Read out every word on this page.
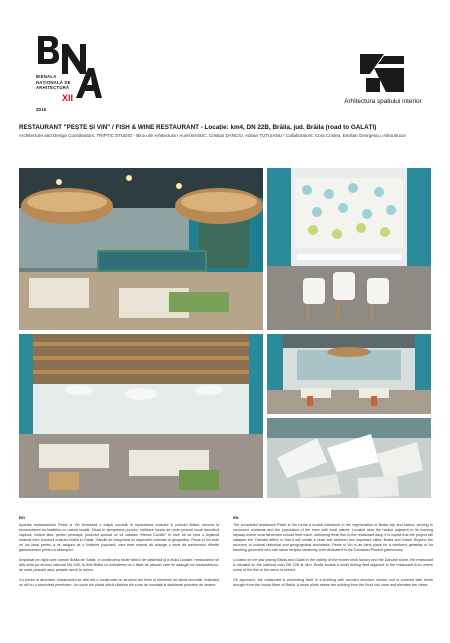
BIENALA NAȚIONALĂ DE ARHITECTURĂ
2016
XII	Arhitectura spatiului interior
RESTAURANT "PEȘTE ȘI VIN" / FISH & WINE RESTAURANT - Locație: km4, DN 22B, Brăila, jud. Brăila (road to GALAȚI)
Architecture and Design Coordinators: TRIPTIC STUDIO - Birou de Arhitectura / Aurel BASUC, Cristian DANCIU, Adrian ȚUȚUIANU / Collaborators: Cora Cristea, Emilian Georgescu, Alina Bucur
RO

Apariția restaurantului Pește și Vin fermează o etapă crucială în reparativea orasului si portului Brăila, servind la reconectarea sa tradițiilor cu natura locală. Situat în apropierea portului, edificare locala de unde pescari locali descărcă captura, limitrul ales, pentru pescapă, proiectul special ce va cataliza "efectul Dunării" în care că va crea o legătură strânsă între locuitorii orașului Brăila și Galați. Gânditi de integrarea cu aspectele culturale și geografice, Pește și Vin este un loc ideal pentru a se asigura de o întâlnire populară, care este marcat să adauge o serie de sanhecelor diferite gastronomice pentru a descoperi.

Amplasat pe digul care unește Brăila de Galați, în construirea fostei fabrici de cărămidă și a râului Dunăre, restaurantul se află chiar pe drumul național DN 22B, la limit Brăila cu extinderea ca o fâșie de pescari care se adaugă noi restaurantului, de unde pescarii aduc peștele servit la meniu.

Cu privire la abordare, restaurantul se afla într-o construcție cu structuri din lemn și elemente de sticlă reciclată, realizând un stil cu o atmosferă primitoare. Un socle din piatră ridică clădirea din zona de inundații și stabilește punctele de vedere.

EN

The completed restaurant Peste si Vin forms a crucial milestone in the regeneration of Braila city and harbor, serving to reconnect residents and the population of the town with local values. Located near the harbor adjacent to its working slipway where local fishermen unload their catch, delivering fresh fish to the restaurant daily, it is hoped that the project will catalyse the 'Danube effect' in that it will create a close link between two important cities: Braila and Galati. Beyond the recovery of cultural historical and geographical landmarks, Peste si Vin is an ideal place for a weekend getaway or for traveling gourmets who can savor recipes creatively chef dedicated to the Danubian Piscine gastronomy.

Located on the jaw paving Braila and Galati in the vicinity of the former brick factory and the Danube shore, the restaurant is situated on the national road DN 22B at 4km. Braila boasts a small fishing fleet adjacent to the restaurant from where some of the fish in the menu is served.

On approach, the restaurant is presenting itself in a building with wooden structure whose roof is covered with reeds brought from the Insula Mare of Braila. A stone plinth raises the building from the flood risk zone and elevates the views.
